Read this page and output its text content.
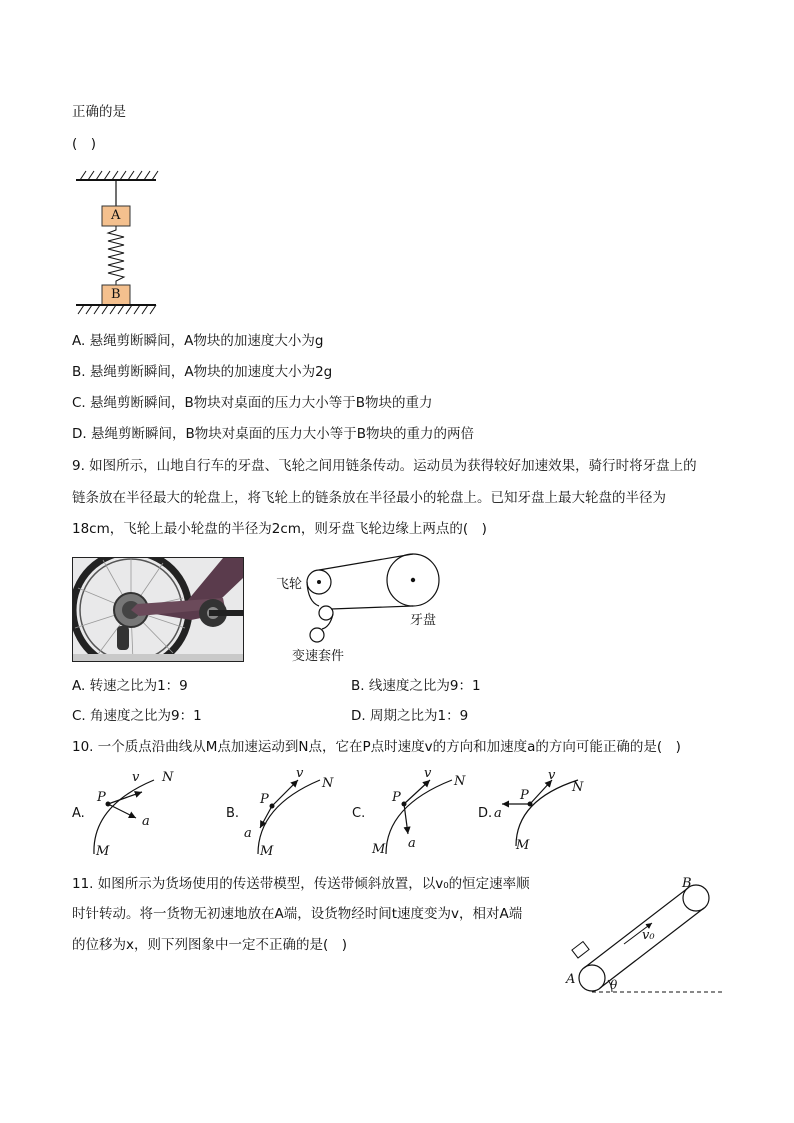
正确的是
(　)
A
B
A. 悬绳剪断瞬间，A物块的加速度大小为g
B. 悬绳剪断瞬间，A物块的加速度大小为2g
C. 悬绳剪断瞬间，B物块对桌面的压力大小等于B物块的重力
D. 悬绳剪断瞬间，B物块对桌面的压力大小等于B物块的重力的两倍
9. 如图所示，山地自行车的牙盘、飞轮之间用链条传动。运动员为获得较好加速效果，骑行时将牙盘上的
链条放在半径最大的轮盘上，将飞轮上的链条放在半径最小的轮盘上。已知牙盘上最大轮盘的半径为
18cm，飞轮上最小轮盘的半径为2cm，则牙盘飞轮边缘上两点的(　)
飞轮
牙盘
变速套件
A. 转速之比为1：9	B. 线速度之比为9：1
C. 角速度之比为9：1	D. 周期之比为1：9
10. 一个质点沿曲线从M点加速运动到N点，它在P点时速度v的方向和加速度a的方向可能正确的是(　)
A.
P
v
a
M
N
B.
P
v
a
M
N
C.
P
v
a
M
N
D.
P
v
a
M
N
11. 如图所示为货场使用的传送带模型，传送带倾斜放置，以v₀的恒定速率顺
时针转动。将一货物无初速地放在A端，设货物经时间t速度变为v，相对A端
的位移为x，则下列图象中一定不正确的是(　)
A
B
v₀
θ
